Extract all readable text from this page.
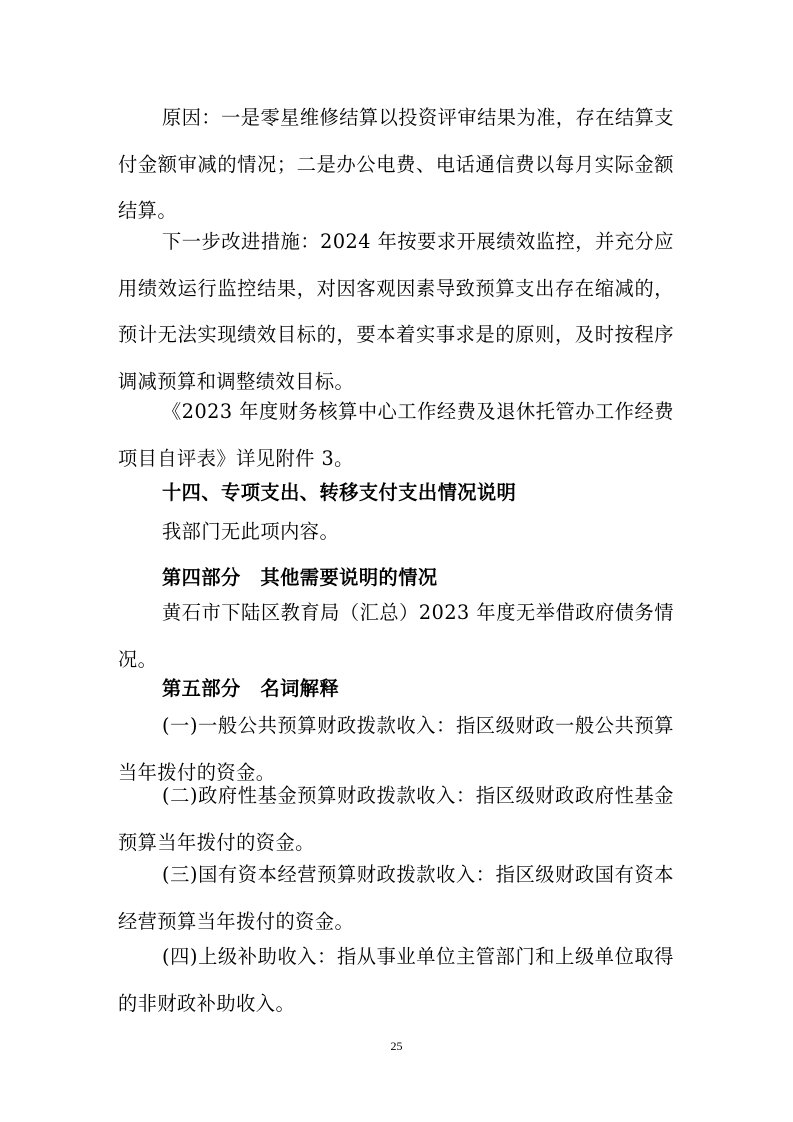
原因：一是零星维修结算以投资评审结果为准，存在结算支付金额审减的情况；二是办公电费、电话通信费以每月实际金额结算。

下一步改进措施：2024 年按要求开展绩效监控，并充分应用绩效运行监控结果，对因客观因素导致预算支出存在缩减的，预计无法实现绩效目标的，要本着实事求是的原则，及时按程序调减预算和调整绩效目标。

《2023 年度财务核算中心工作经费及退休托管办工作经费项目自评表》详见附件 3。

十四、专项支出、转移支付支出情况说明

我部门无此项内容。

第四部分　其他需要说明的情况

黄石市下陆区教育局（汇总）2023 年度无举借政府债务情况。

第五部分　名词解释

(一)一般公共预算财政拨款收入：指区级财政一般公共预算当年拨付的资金。

(二)政府性基金预算财政拨款收入：指区级财政政府性基金预算当年拨付的资金。

(三)国有资本经营预算财政拨款收入：指区级财政国有资本经营预算当年拨付的资金。

(四)上级补助收入：指从事业单位主管部门和上级单位取得的非财政补助收入。

25
